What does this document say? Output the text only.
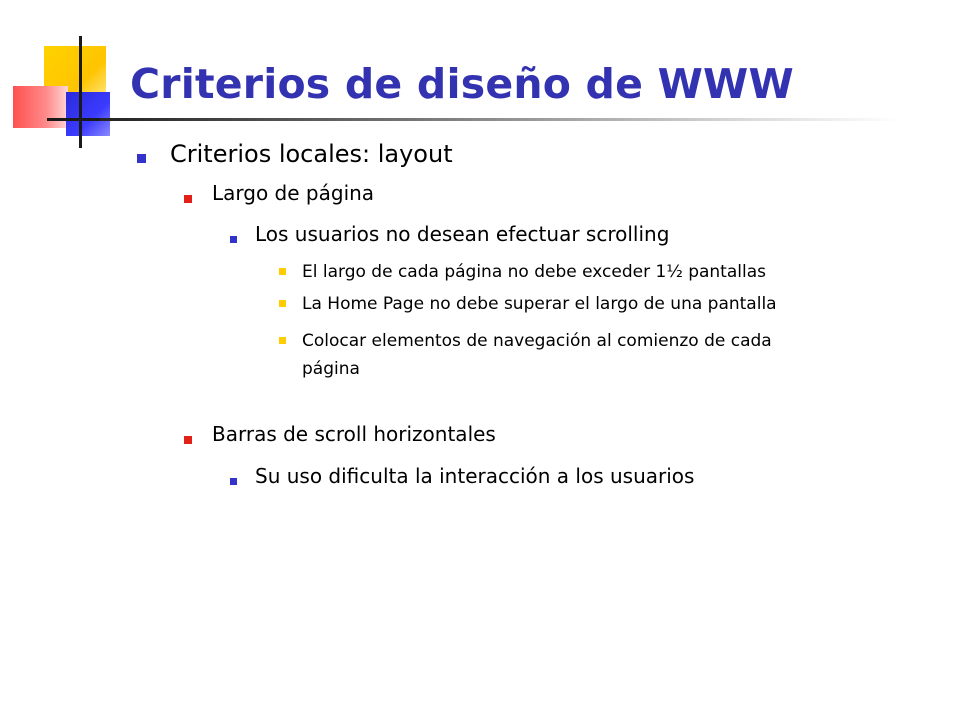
Criterios de diseño de WWW

Criterios locales: layout

Largo de página

Los usuarios no desean efectuar scrolling

El largo de cada página no debe exceder 1½ pantallas

La Home Page no debe superar el largo de una pantalla

Colocar elementos de navegación al comienzo de cada

página

Barras de scroll horizontales

Su uso dificulta la interacción a los usuarios
